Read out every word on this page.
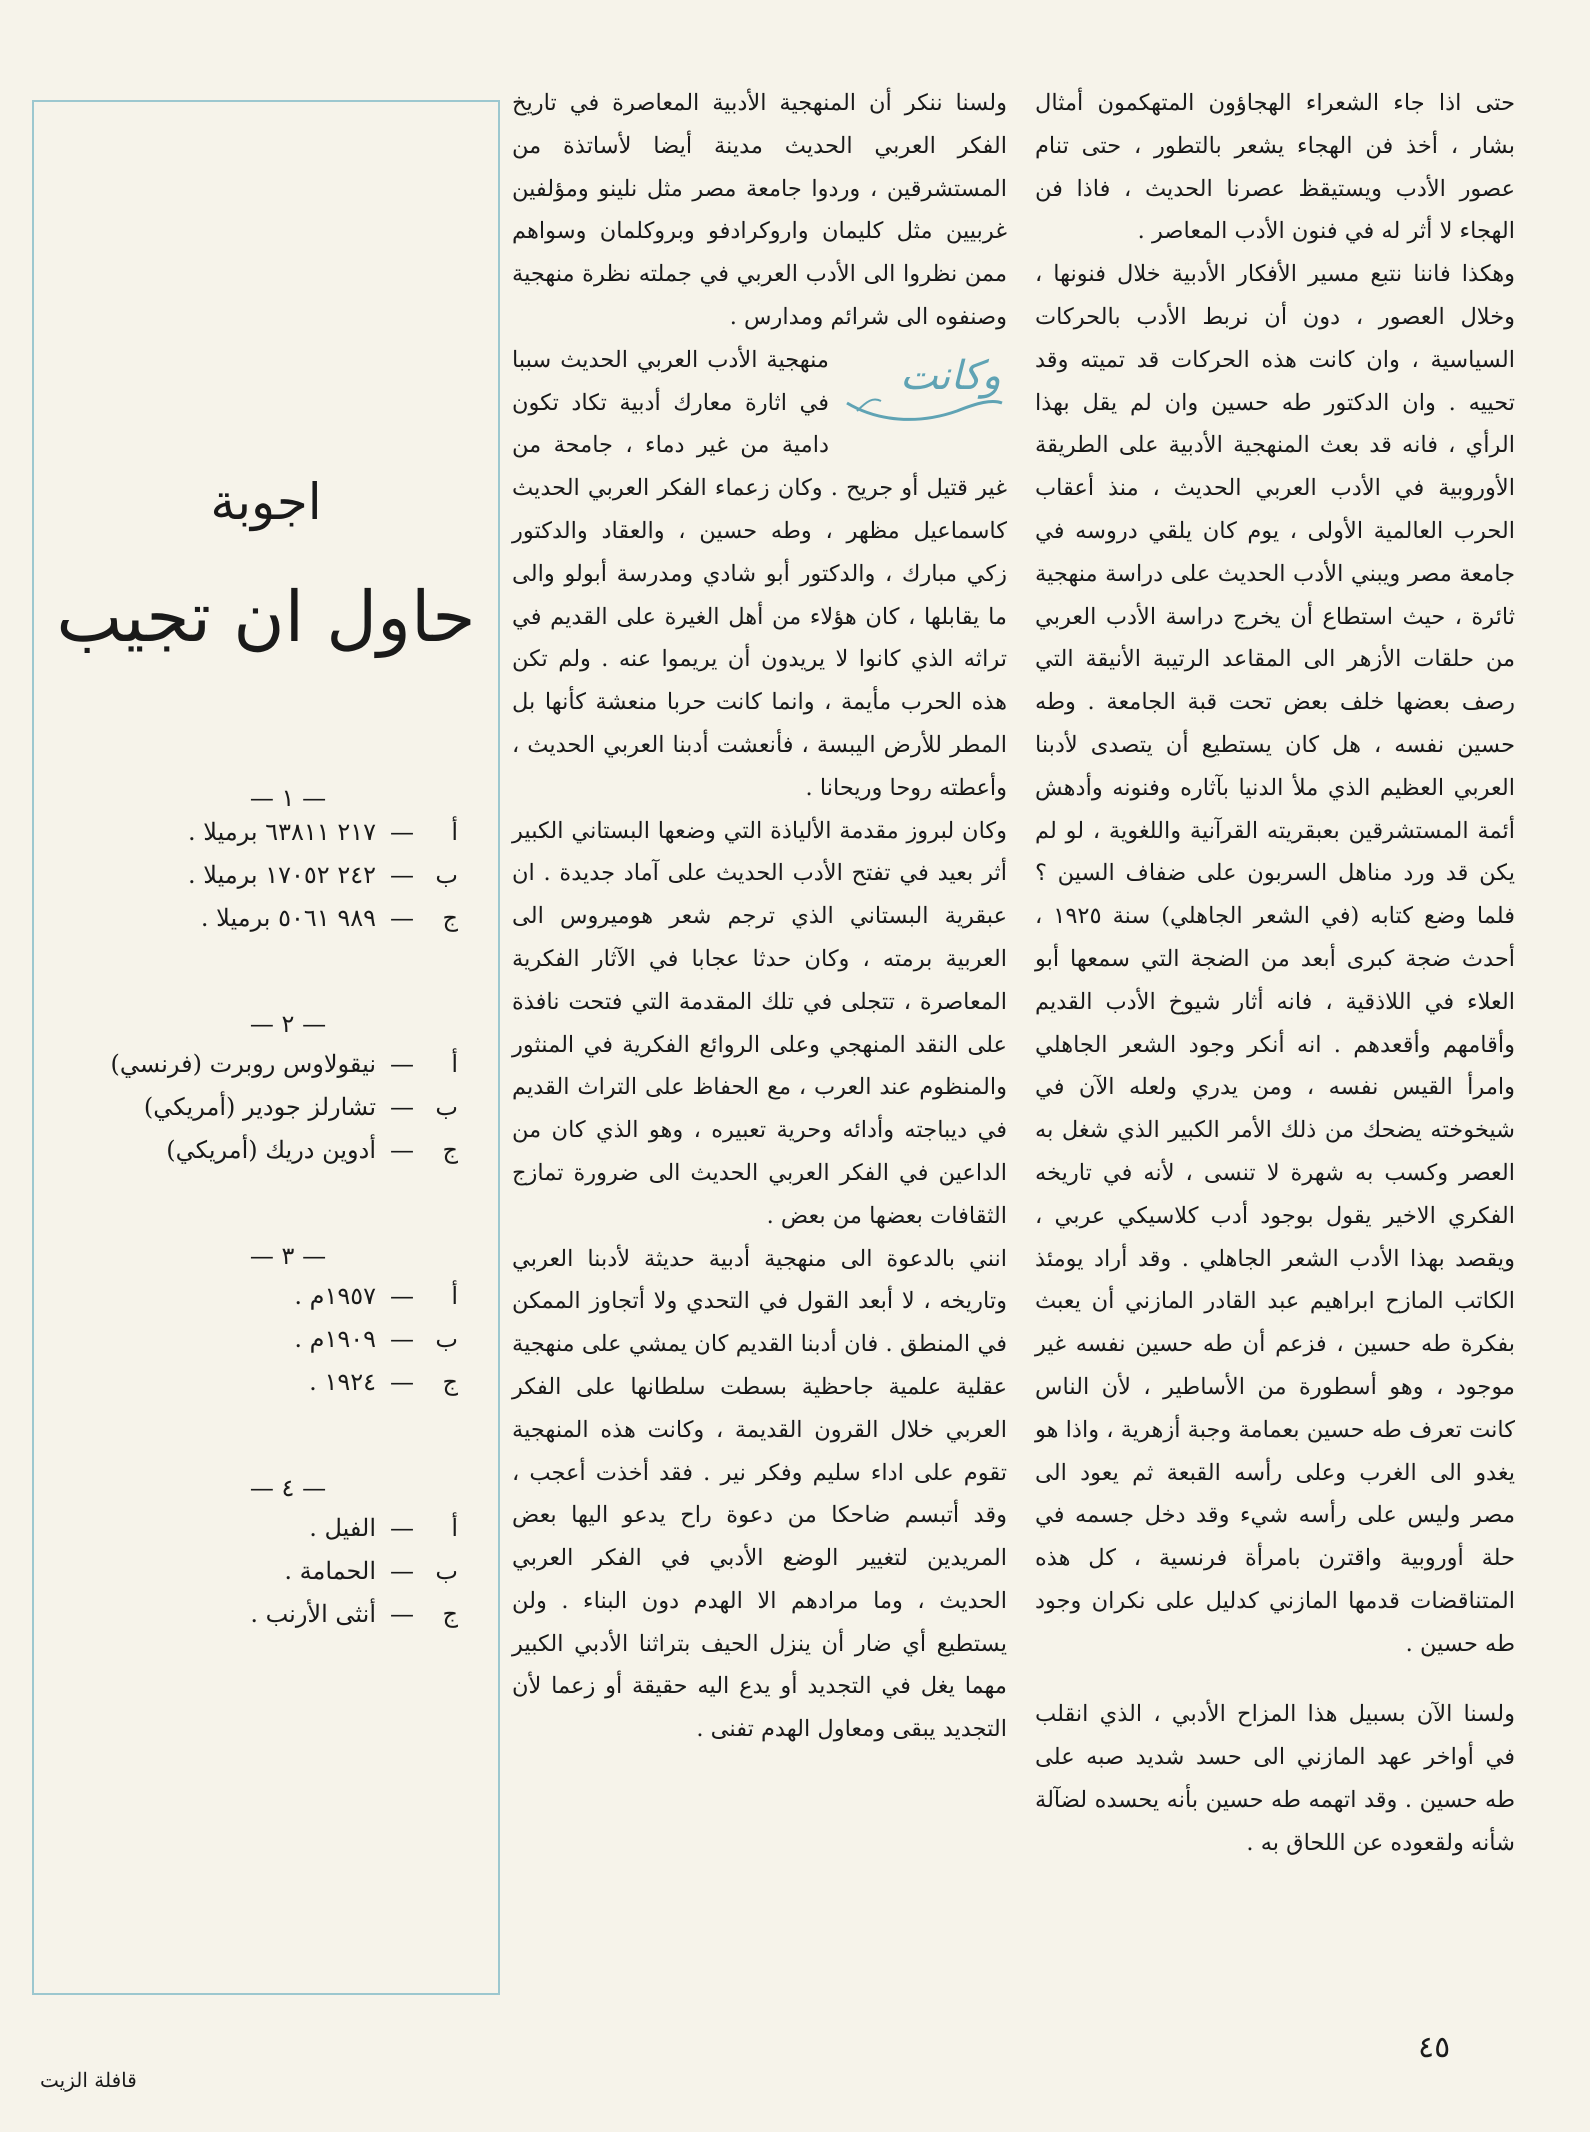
حتى اذا جاء الشعراء الهجاؤون المتهكمون أمثال بشار ، أخذ فن الهجاء يشعر بالتطور ، حتى تنام عصور الأدب ويستيقظ عصرنا الحديث ، فاذا فن الهجاء لا أثر له في فنون الأدب المعاصر .

وهكذا فاننا نتبع مسير الأفكار الأدبية خلال فنونها ، وخلال العصور ، دون أن نربط الأدب بالحركات السياسية ، وان كانت هذه الحركات قد تميته وقد تحييه . وان الدكتور طه حسين وان لم يقل بهذا الرأي ، فانه قد بعث المنهجية الأدبية على الطريقة الأوروبية في الأدب العربي الحديث ، منذ أعقاب الحرب العالمية الأولى ، يوم كان يلقي دروسه في جامعة مصر ويبني الأدب الحديث على دراسة منهجية ثائرة ، حيث استطاع أن يخرج دراسة الأدب العربي من حلقات الأزهر الى المقاعد الرتيبة الأنيقة التي رصف بعضها خلف بعض تحت قبة الجامعة . وطه حسين نفسه ، هل كان يستطيع أن يتصدى لأدبنا العربي العظيم الذي ملأ الدنيا بآثاره وفنونه وأدهش أئمة المستشرقين بعبقريته القرآنية واللغوية ، لو لم يكن قد ورد مناهل السربون على ضفاف السين ؟ فلما وضع كتابه (في الشعر الجاهلي) سنة ١٩٢٥ ، أحدث ضجة كبرى أبعد من الضجة التي سمعها أبو العلاء في اللاذقية ، فانه أثار شيوخ الأدب القديم وأقامهم وأقعدهم . انه أنكر وجود الشعر الجاهلي وامرأ القيس نفسه ، ومن يدري ولعله الآن في شيخوخته يضحك من ذلك الأمر الكبير الذي شغل به العصر وكسب به شهرة لا تنسى ، لأنه في تاريخه الفكري الاخير يقول بوجود أدب كلاسيكي عربي ، ويقصد بهذا الأدب الشعر الجاهلي . وقد أراد يومئذ الكاتب المازح ابراهيم عبد القادر المازني أن يعبث بفكرة طه حسين ، فزعم أن طه حسين نفسه غير موجود ، وهو أسطورة من الأساطير ، لأن الناس كانت تعرف طه حسين بعمامة وجبة أزهرية ، واذا هو يغدو الى الغرب وعلى رأسه القبعة ثم يعود الى مصر وليس على رأسه شيء وقد دخل جسمه في حلة أوروبية واقترن بامرأة فرنسية ، كل هذه المتناقضات قدمها المازني كدليل على نكران وجود طه حسين .

ولسنا الآن بسبيل هذا المزاح الأدبي ، الذي انقلب في أواخر عهد المازني الى حسد شديد صبه على طه حسين . وقد اتهمه طه حسين بأنه يحسده لضآلة شأنه ولقعوده عن اللحاق به .

ولسنا ننكر أن المنهجية الأدبية المعاصرة في تاريخ الفكر العربي الحديث مدينة أيضا لأساتذة من المستشرقين ، وردوا جامعة مصر مثل نلينو ومؤلفين غربيين مثل كليمان واروكرادفو وبروكلمان وسواهم ممن نظروا الى الأدب العربي في جملته نظرة منهجية وصنفوه الى شرائم ومدارس .

وكانت
منهجية الأدب العربي الحديث سببا في اثارة معارك أدبية تكاد تكون دامية من غير دماء ، جامحة من غير قتيل أو جريح . وكان زعماء الفكر العربي الحديث كاسماعيل مظهر ، وطه حسين ، والعقاد والدكتور زكي مبارك ، والدكتور أبو شادي ومدرسة أبولو والى ما يقابلها ، كان هؤلاء من أهل الغيرة على القديم في تراثه الذي كانوا لا يريدون أن يريموا عنه . ولم تكن هذه الحرب مأيمة ، وانما كانت حربا منعشة كأنها بل المطر للأرض اليبسة ، فأنعشت أدبنا العربي الحديث ، وأعطته روحا وريحانا .

وكان لبروز مقدمة الألياذة التي وضعها البستاني الكبير أثر بعيد في تفتح الأدب الحديث على آماد جديدة . ان عبقرية البستاني الذي ترجم شعر هوميروس الى العربية برمته ، وكان حدثا عجابا في الآثار الفكرية المعاصرة ، تتجلى في تلك المقدمة التي فتحت نافذة على النقد المنهجي وعلى الروائع الفكرية في المنثور والمنظوم عند العرب ، مع الحفاظ على التراث القديم في ديباجته وأدائه وحرية تعبيره ، وهو الذي كان من الداعين في الفكر العربي الحديث الى ضرورة تمازج الثقافات بعضها من بعض .

انني بالدعوة الى منهجية أدبية حديثة لأدبنا العربي وتاريخه ، لا أبعد القول في التحدي ولا أتجاوز الممكن في المنطق . فان أدبنا القديم كان يمشي على منهجية عقلية علمية جاحظية بسطت سلطانها على الفكر العربي خلال القرون القديمة ، وكانت هذه المنهجية تقوم على اداء سليم وفكر نير . فقد أخذت أعجب ، وقد أتبسم ضاحكا من دعوة راح يدعو اليها بعض المريدين لتغيير الوضع الأدبي في الفكر العربي الحديث ، وما مرادهم الا الهدم دون البناء . ولن يستطيع أي ضار أن ينزل الحيف بتراثنا الأدبي الكبير مهما يغل في التجديد أو يدع اليه حقيقة أو زعما لأن التجديد يبقى ومعاول الهدم تفنى .

اجوبة
حاول ان تجيب
— ١ —
أ—٢١٧ ٦٣٨١١ برميلا .
ب—٢٤٢ ١٧٠٥٢ برميلا .
ج—٩٨٩ ٥٠٦١ برميلا .
— ٢ —
أ—نيقولاوس روبرت (فرنسي)
ب—تشارلز جودير (أمريكي)
ج—أدوين دريك (أمريكي)
— ٣ —
أ—١٩٥٧م .
ب—١٩٠٩م .
ج—١٩٢٤ .
— ٤ —
أ—الفيل .
ب—الحمامة .
ج—أنثى الأرنب .
٤٥
قافلة الزيت
